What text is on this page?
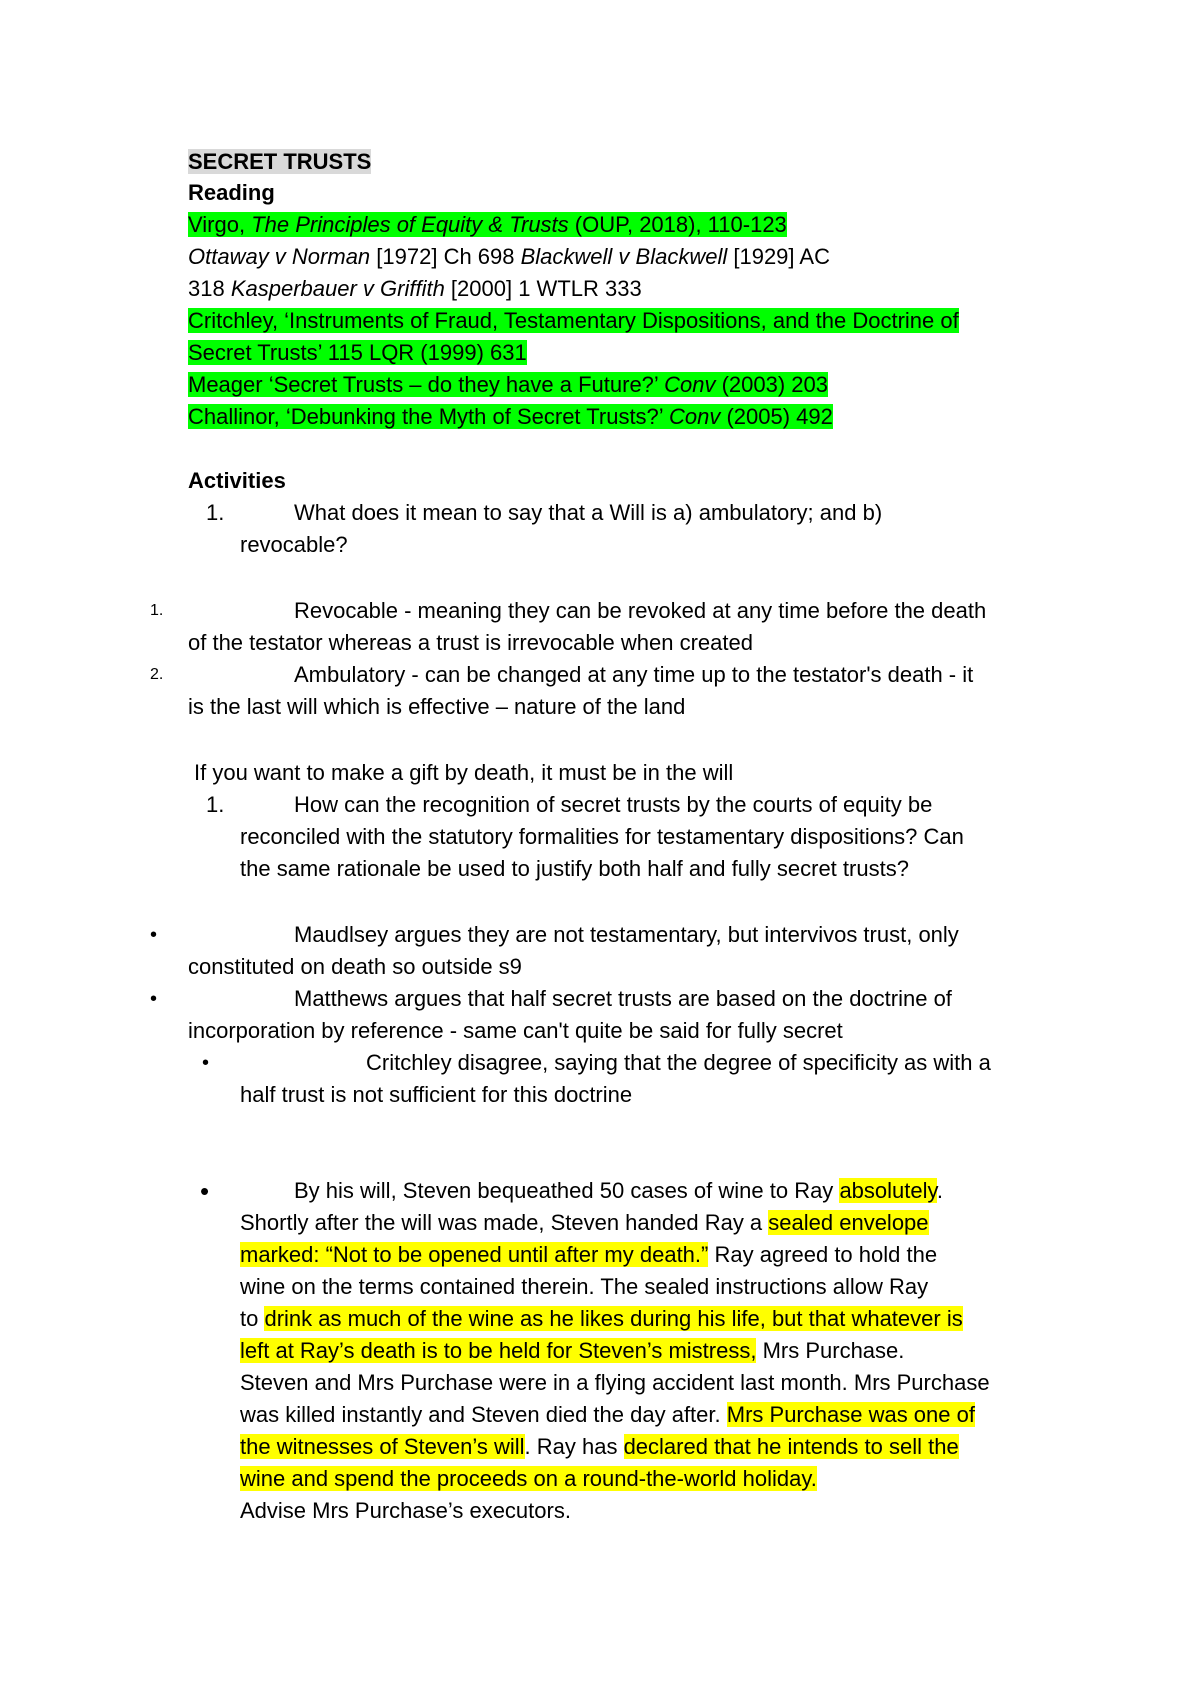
SECRET TRUSTS
Reading
Virgo, The Principles of Equity & Trusts (OUP, 2018), 110-123
Ottaway v Norman [1972] Ch 698 Blackwell v Blackwell [1929] AC
318 Kasperbauer v Griffith [2000] 1 WTLR 333
Critchley, ‘Instruments of Fraud, Testamentary Dispositions, and the Doctrine of
Secret Trusts’ 115 LQR (1999) 631
Meager ‘Secret Trusts – do they have a Future?’ Conv (2003) 203
Challinor, ‘Debunking the Myth of Secret Trusts?’ Conv (2005) 492
Activities
1.	What does it mean to say that a Will is a) ambulatory; and b)
revocable?
1.	Revocable - meaning they can be revoked at any time before the death
of the testator whereas a trust is irrevocable when created
2.	Ambulatory - can be changed at any time up to the testator's death - it
is the last will which is effective – nature of the land
If you want to make a gift by death, it must be in the will
1.	How can the recognition of secret trusts by the courts of equity be
reconciled with the statutory formalities for testamentary dispositions? Can
the same rationale be used to justify both half and fully secret trusts?
•	Maudlsey argues they are not testamentary, but intervivos trust, only
constituted on death so outside s9
•	Matthews argues that half secret trusts are based on the doctrine of
incorporation by reference - same can't quite be said for fully secret
•	Critchley disagree, saying that the degree of specificity as with a
half trust is not sufficient for this doctrine
•	By his will, Steven bequeathed 50 cases of wine to Ray absolutely.
Shortly after the will was made, Steven handed Ray a sealed envelope
marked: “Not to be opened until after my death.” Ray agreed to hold the
wine on the terms contained therein. The sealed instructions allow Ray
to drink as much of the wine as he likes during his life, but that whatever is
left at Ray’s death is to be held for Steven’s mistress, Mrs Purchase.
Steven and Mrs Purchase were in a flying accident last month. Mrs Purchase
was killed instantly and Steven died the day after. Mrs Purchase was one of
the witnesses of Steven’s will. Ray has declared that he intends to sell the
wine and spend the proceeds on a round-the-world holiday.
Advise Mrs Purchase’s executors.
